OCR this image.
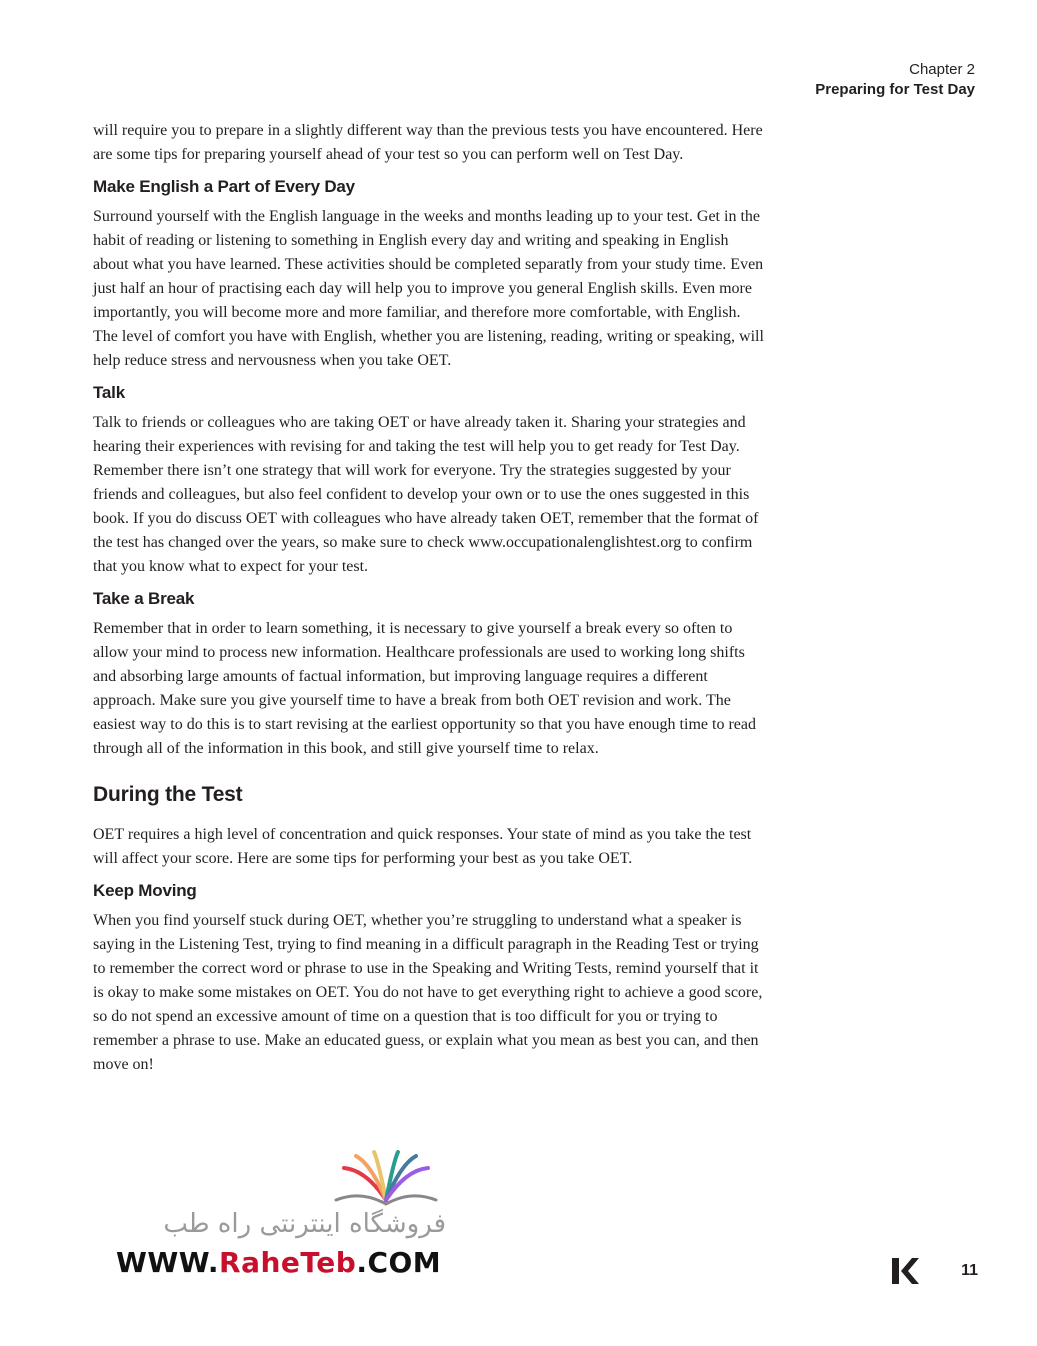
Chapter 2
Preparing for Test Day

will require you to prepare in a slightly different way than the previous tests you have encountered. Here are some tips for preparing yourself ahead of your test so you can perform well on Test Day.

Make English a Part of Every Day

Surround yourself with the English language in the weeks and months leading up to your test. Get in the habit of reading or listening to something in English every day and writing and speaking in English about what you have learned. These activities should be completed separatly from your study time. Even just half an hour of practising each day will help you to improve you general English skills. Even more importantly, you will become more and more familiar, and therefore more comfortable, with English. The level of comfort you have with English, whether you are listening, reading, writing or speaking, will help reduce stress and nervousness when you take OET.

Talk

Talk to friends or colleagues who are taking OET or have already taken it. Sharing your strategies and hearing their experiences with revising for and taking the test will help you to get ready for Test Day. Remember there isn’t one strategy that will work for everyone. Try the strategies suggested by your friends and colleagues, but also feel confident to develop your own or to use the ones suggested in this book. If you do discuss OET with colleagues who have already taken OET, remember that the format of the test has changed over the years, so make sure to check www.occupationalenglishtest.org to confirm that you know what to expect for your test.

Take a Break

Remember that in order to learn something, it is necessary to give yourself a break every so often to allow your mind to process new information. Healthcare professionals are used to working long shifts and absorbing large amounts of factual information, but improving language requires a different approach. Make sure you give yourself time to have a break from both OET revision and work. The easiest way to do this is to start revising at the earliest opportunity so that you have enough time to read through all of the information in this book, and still give yourself time to relax.

During the Test

OET requires a high level of concentration and quick responses. Your state of mind as you take the test will affect your score. Here are some tips for performing your best as you take OET.

Keep Moving

When you find yourself stuck during OET, whether you’re struggling to understand what a speaker is saying in the Listening Test, trying to find meaning in a difficult paragraph in the Reading Test or trying to remember the correct word or phrase to use in the Speaking and Writing Tests, remind yourself that it is okay to make some mistakes on OET. You do not have to get everything right to achieve a good score, so do not spend an excessive amount of time on a question that is too difficult for you or trying to remember a phrase to use. Make an educated guess, or explain what you mean as best you can, and then move on!

فروشگاه اینترنتی راه طب
WWW.RaheTeb.COM	11
